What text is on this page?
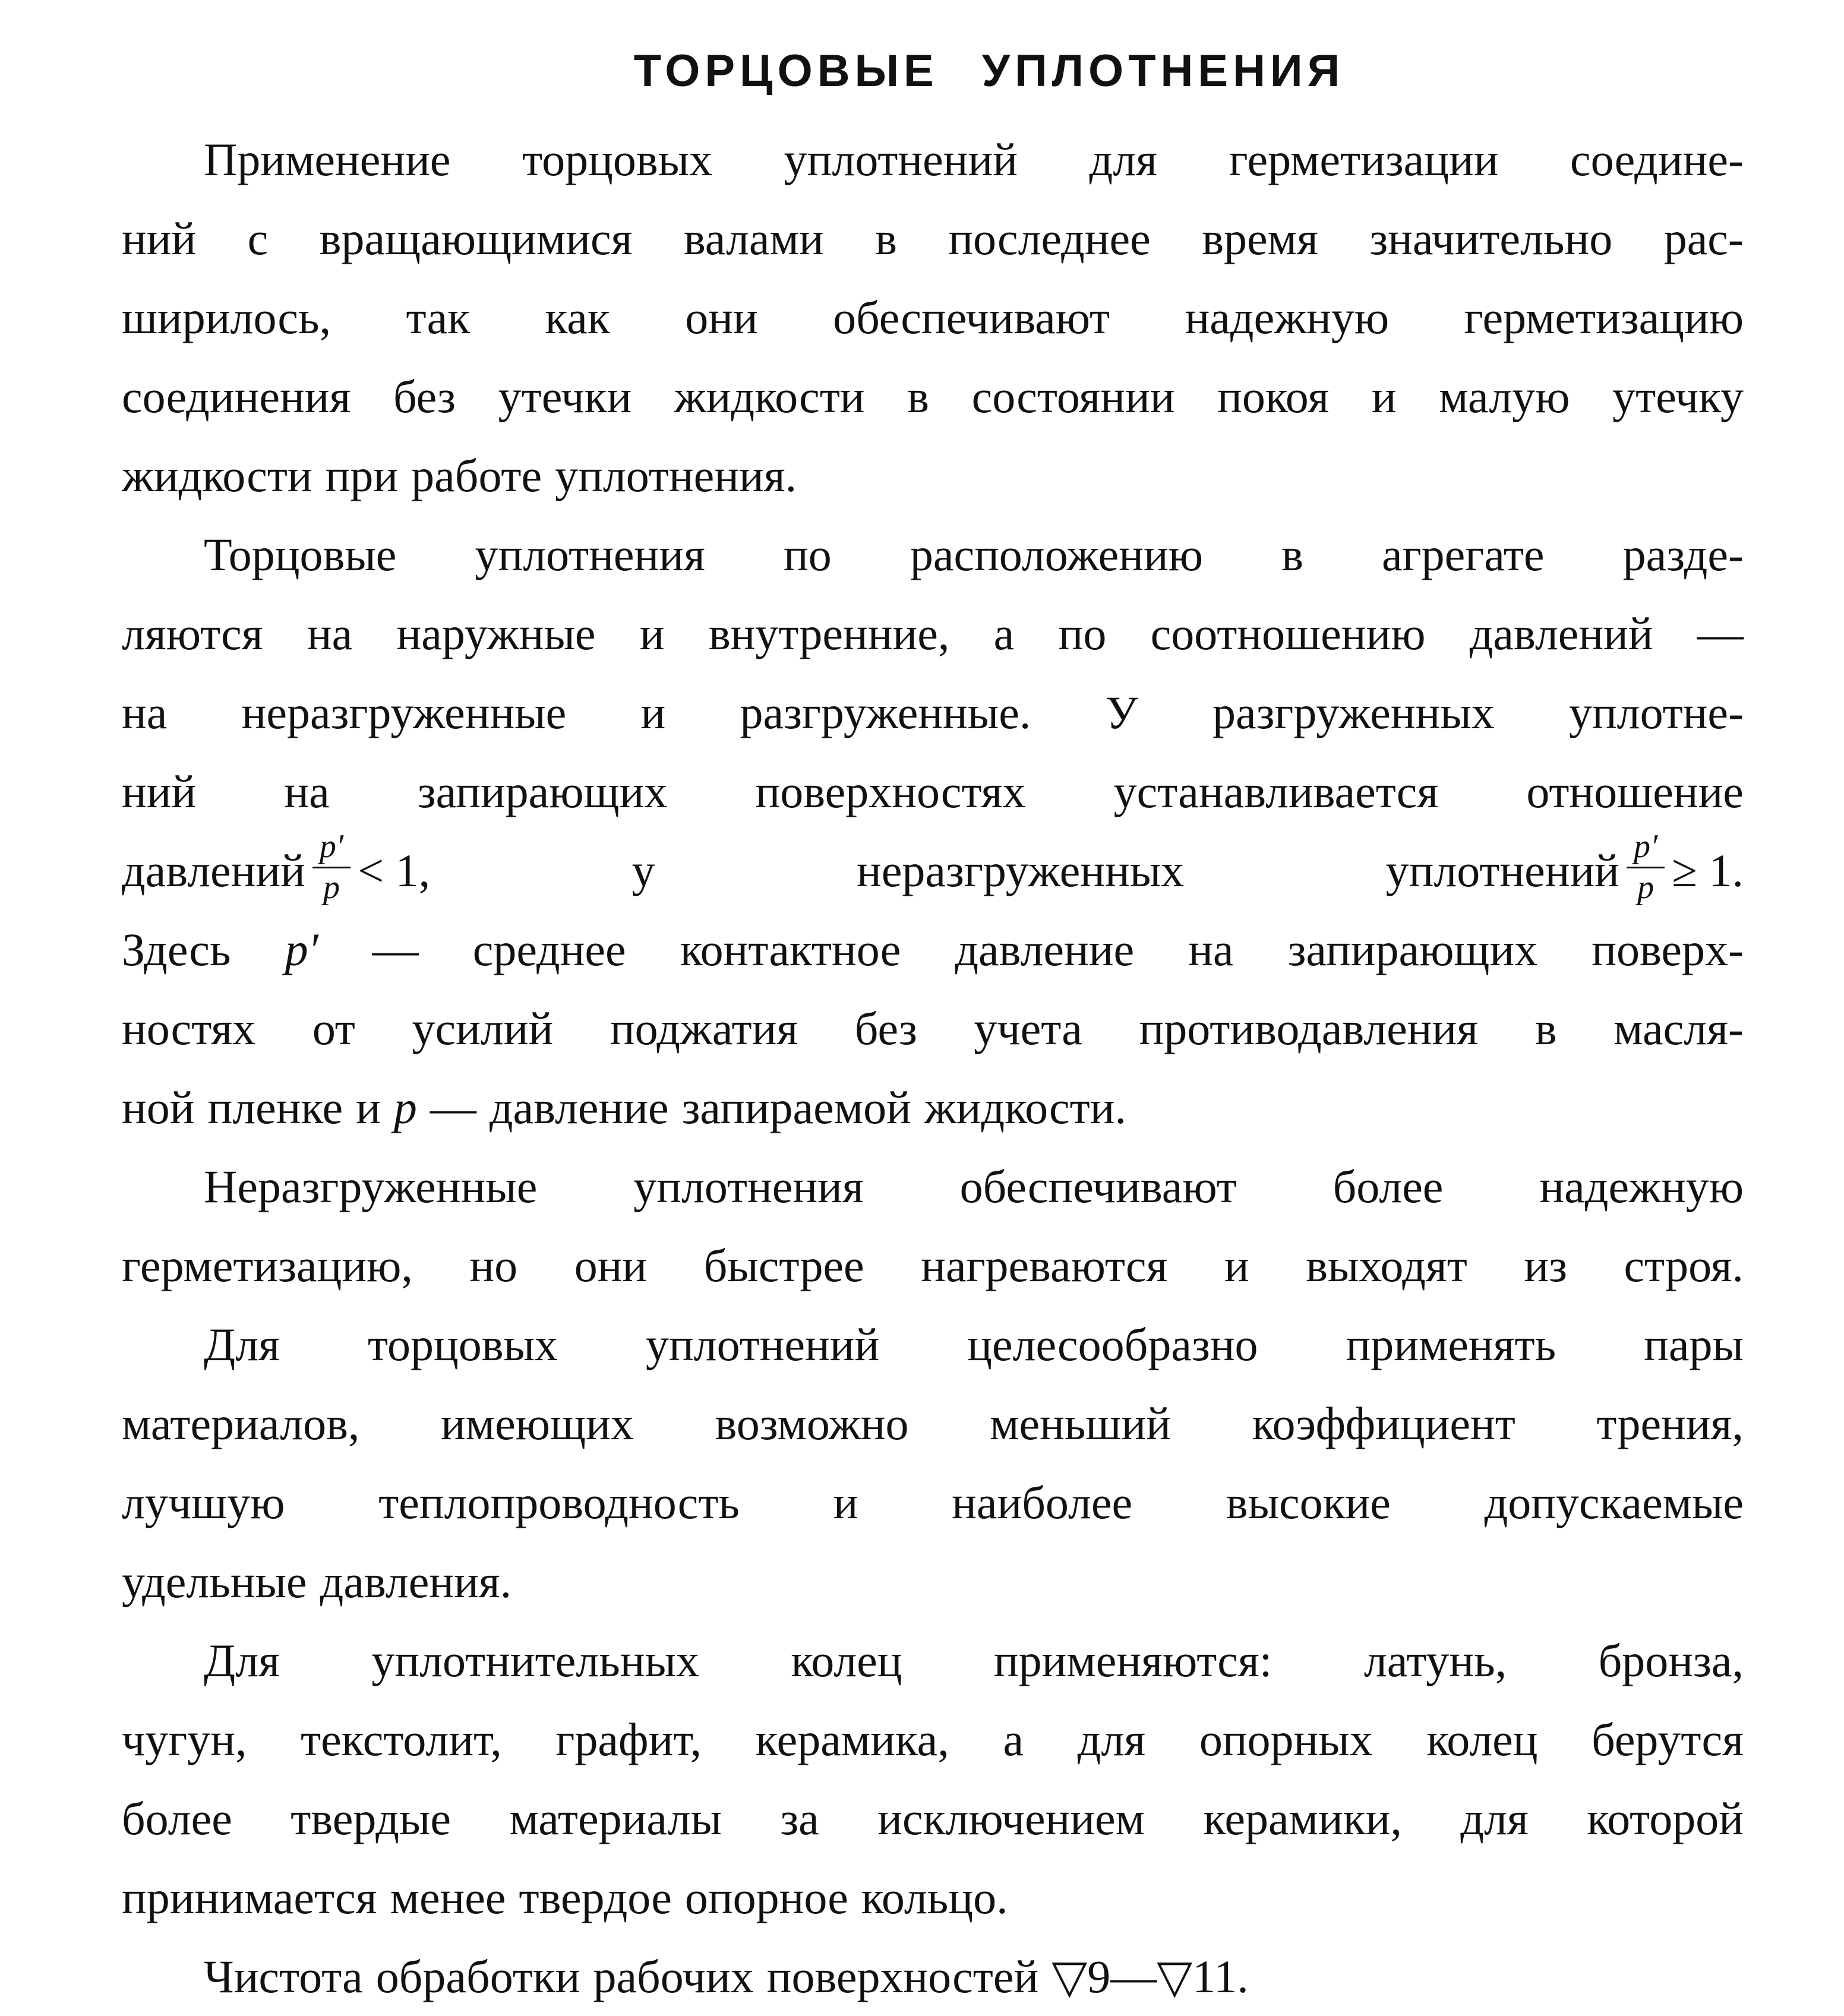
ТОРЦОВЫЕ УПЛОТНЕНИЯ
Применение торцовых уплотнений для герметизации соедине-
ний с вращающимися валами в последнее время значительно рас-
ширилось, так как они обеспечивают надежную герметизацию
соединения без утечки жидкости в состоянии покоя и малую утечку
жидкости при работе уплотнения.
Торцовые уплотнения по расположению в агрегате разде-
ляются на наружные и внутренние, а по соотношению давлений —
на неразгруженные и разгруженные. У разгруженных уплотне-
ний на запирающих поверхностях устанавливается отношение
давлений $\frac{p'}{p} < 1$,	у	неразгруженных	уплотнений $\frac{p'}{p} \ge 1$.
Здесь p′ — среднее контактное давление на запирающих поверх-
ностях от усилий поджатия без учета противодавления в масля-
ной пленке и p — давление запираемой жидкости.
Неразгруженные уплотнения обеспечивают более надежную
герметизацию, но они быстрее нагреваются и выходят из строя.
Для торцовых уплотнений целесообразно применять пары
материалов, имеющих возможно меньший коэффициент трения,
лучшую теплопроводность и наиболее высокие допускаемые
удельные давления.
Для уплотнительных колец применяются: латунь, бронза,
чугун, текстолит, графит, керамика, а для опорных колец берутся
более твердые материалы за исключением керамики, для которой
принимается менее твердое опорное кольцо.
Чистота обработки рабочих поверхностей ▽9—▽11.
